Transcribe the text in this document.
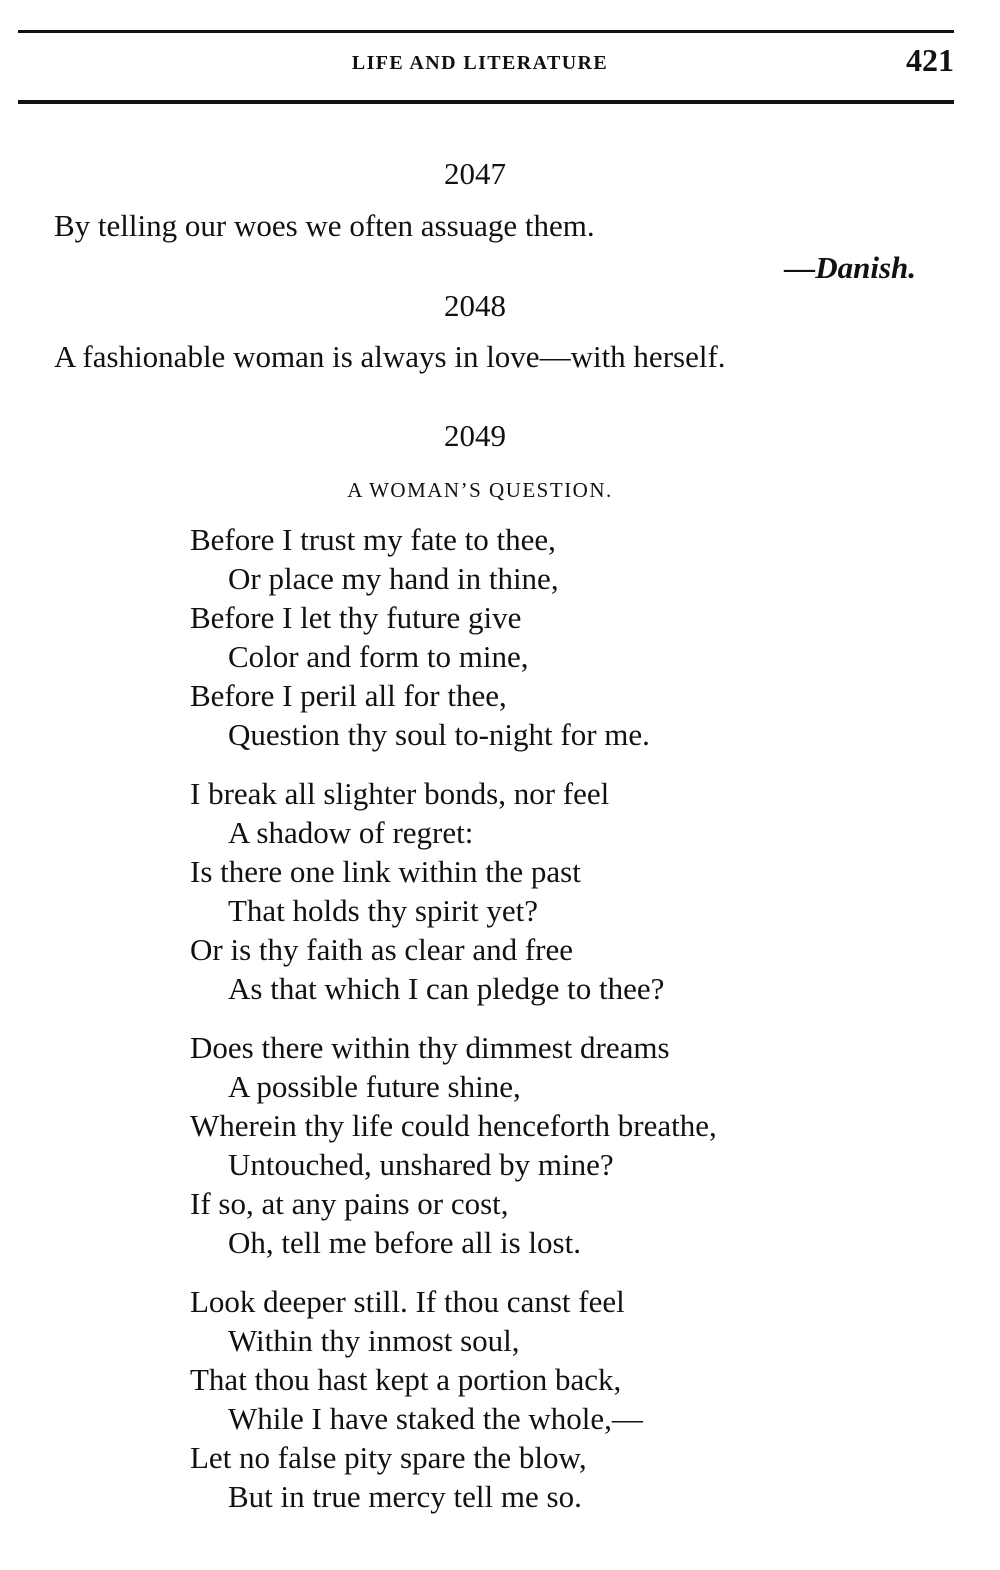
LIFE AND LITERATURE	421
2047
By telling our woes we often assuage them.
—Danish.
2048
A fashionable woman is always in love—with herself.
2049
A WOMAN’S QUESTION.
Before I trust my fate to thee,
Or place my hand in thine,
Before I let thy future give
Color and form to mine,
Before I peril all for thee,
Question thy soul to-night for me.
I break all slighter bonds, nor feel
A shadow of regret:
Is there one link within the past
That holds thy spirit yet?
Or is thy faith as clear and free
As that which I can pledge to thee?
Does there within thy dimmest dreams
A possible future shine,
Wherein thy life could henceforth breathe,
Untouched, unshared by mine?
If so, at any pains or cost,
Oh, tell me before all is lost.
Look deeper still. If thou canst feel
Within thy inmost soul,
That thou hast kept a portion back,
While I have staked the whole,—
Let no false pity spare the blow,
But in true mercy tell me so.
